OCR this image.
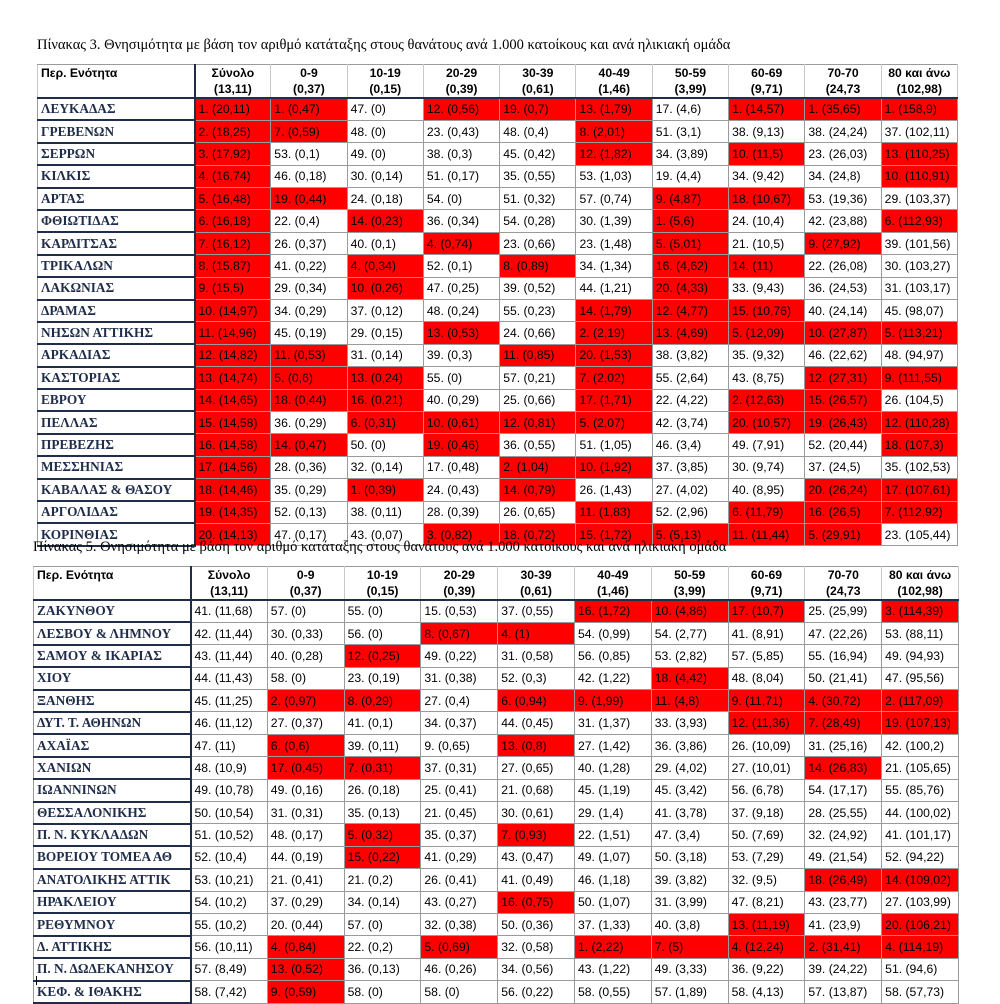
Πίνακας 3. Θνησιμότητα με βάση τον αριθμό κατάταξης στους θανάτους ανά 1.000 κατοίκους και ανά ηλικιακή ομάδα
Περ. Ενότητα	Σύνολο	0-9	10-19	20-29	30-39	40-49	50-59	60-69	70-70	80 και άνω
	(13,11)	(0,37)	(0,15)	(0,39)	(0,61)	(1,46)	(3,99)	(9,71)	(24,73	(102,98)
ΛΕΥΚΑΔΑΣ	1. (20,11)	1. (0,47)	47. (0)	12. (0,56)	19. (0,7)	13. (1,79)	17. (4,6)	1. (14,57)	1. (35,65)	1. (158,9)
ΓΡΕΒΕΝΩΝ	2. (18,25)	7. (0,59)	48. (0)	23. (0,43)	48. (0,4)	8. (2,01)	51. (3,1)	38. (9,13)	38. (24,24)	37. (102,11)
ΣΕΡΡΩΝ	3. (17,92)	53. (0,1)	49. (0)	38. (0,3)	45. (0,42)	12. (1,82)	34. (3,89)	10. (11,5)	23. (26,03)	13. (110,25)
ΚΙΛΚΙΣ	4. (16,74)	46. (0,18)	30. (0,14)	51. (0,17)	35. (0,55)	53. (1,03)	19. (4,4)	34. (9,42)	34. (24,8)	10. (110,91)
ΑΡΤΑΣ	5. (16,48)	19. (0,44)	24. (0,18)	54. (0)	51. (0,32)	57. (0,74)	9. (4,87)	18. (10,67)	53. (19,36)	29. (103,37)
ΦΘΙΩΤΙΔΑΣ	6. (16,18)	22. (0,4)	14. (0,23)	36. (0,34)	54. (0,28)	30. (1,39)	1. (5,6)	24. (10,4)	42. (23,88)	6. (112,93)
ΚΑΡΔΙΤΣΑΣ	7. (16,12)	26. (0,37)	40. (0,1)	4. (0,74)	23. (0,66)	23. (1,48)	5. (5,01)	21. (10,5)	9. (27,92)	39. (101,56)
ΤΡΙΚΑΛΩΝ	8. (15,87)	41. (0,22)	4. (0,34)	52. (0,1)	8. (0,89)	34. (1,34)	16. (4,62)	14. (11)	22. (26,08)	30. (103,27)
ΛΑΚΩΝΙΑΣ	9. (15,5)	29. (0,34)	10. (0,26)	47. (0,25)	39. (0,52)	44. (1,21)	20. (4,33)	33. (9,43)	36. (24,53)	31. (103,17)
ΔΡΑΜΑΣ	10. (14,97)	34. (0,29)	37. (0,12)	48. (0,24)	55. (0,23)	14. (1,79)	12. (4,77)	15. (10,76)	40. (24,14)	45. (98,07)
ΝΗΣΩΝ ΑΤΤΙΚΗΣ	11. (14,96)	45. (0,19)	29. (0,15)	13. (0,53)	24. (0,66)	2. (2,19)	13. (4,69)	5. (12,09)	10. (27,87)	5. (113,21)
ΑΡΚΑΔΙΑΣ	12. (14,82)	11. (0,53)	31. (0,14)	39. (0,3)	11. (0,85)	20. (1,53)	38. (3,82)	35. (9,32)	46. (22,62)	48. (94,97)
ΚΑΣΤΟΡΙΑΣ	13. (14,74)	5. (0,6)	13. (0,24)	55. (0)	57. (0,21)	7. (2,02)	55. (2,64)	43. (8,75)	12. (27,31)	9. (111,55)
ΕΒΡΟΥ	14. (14,65)	18. (0,44)	16. (0,21)	40. (0,29)	25. (0,66)	17. (1,71)	22. (4,22)	2. (12,63)	15. (26,57)	26. (104,5)
ΠΕΛΛΑΣ	15. (14,58)	36. (0,29)	6. (0,31)	10. (0,61)	12. (0,81)	5. (2,07)	42. (3,74)	20. (10,57)	19. (26,43)	12. (110,28)
ΠΡΕΒΕΖΗΣ	16. (14,58)	14. (0,47)	50. (0)	19. (0,46)	36. (0,55)	51. (1,05)	46. (3,4)	49. (7,91)	52. (20,44)	18. (107,3)
ΜΕΣΣΗΝΙΑΣ	17. (14,56)	28. (0,36)	32. (0,14)	17. (0,48)	2. (1,04)	10. (1,92)	37. (3,85)	30. (9,74)	37. (24,5)	35. (102,53)
ΚΑΒΑΛΑΣ & ΘΑΣΟΥ	18. (14,46)	35. (0,29)	1. (0,39)	24. (0,43)	14. (0,79)	26. (1,43)	27. (4,02)	40. (8,95)	20. (26,24)	17. (107,61)
ΑΡΓΟΛΙΔΑΣ	19. (14,35)	52. (0,13)	38. (0,11)	28. (0,39)	26. (0,65)	11. (1,83)	52. (2,96)	6. (11,79)	16. (26,5)	7. (112,92)
ΚΟΡΙΝΘΙΑΣ	20. (14,13)	47. (0,17)	43. (0,07)	3. (0,82)	18. (0,72)	15. (1,72)	5. (5,13)	11. (11,44)	5. (29,91)	23. (105,44)
Πίνακας 5. Θνησιμότητα με βάση τον αριθμό κατάταξης στους θανάτους ανά 1.000 κατοίκους και ανά ηλικιακή ομάδα
Περ. Ενότητα	Σύνολο	0-9	10-19	20-29	30-39	40-49	50-59	60-69	70-70	80 και άνω
	(13,11)	(0,37)	(0,15)	(0,39)	(0,61)	(1,46)	(3,99)	(9,71)	(24,73	(102,98)
ΖΑΚΥΝΘΟΥ	41. (11,68)	57. (0)	55. (0)	15. (0,53)	37. (0,55)	16. (1,72)	10. (4,86)	17. (10,7)	25. (25,99)	3. (114,39)
ΛΕΣΒΟΥ & ΛΗΜΝΟΥ	42. (11,44)	30. (0,33)	56. (0)	8. (0,67)	4. (1)	54. (0,99)	54. (2,77)	41. (8,91)	47. (22,26)	53. (88,11)
ΣΑΜΟΥ & ΙΚΑΡΙΑΣ	43. (11,44)	40. (0,28)	12. (0,25)	49. (0,22)	31. (0,58)	56. (0,85)	53. (2,82)	57. (5,85)	55. (16,94)	49. (94,93)
ΧΙΟΥ	44. (11,43)	58. (0)	23. (0,19)	31. (0,38)	52. (0,3)	42. (1,22)	18. (4,42)	48. (8,04)	50. (21,41)	47. (95,56)
ΞΑΝΘΗΣ	45. (11,25)	2. (0,97)	8. (0,29)	27. (0,4)	6. (0,94)	9. (1,99)	11. (4,8)	9. (11,71)	4. (30,72)	2. (117,09)
ΔΥΤ. Τ. ΑΘΗΝΩΝ	46. (11,12)	27. (0,37)	41. (0,1)	34. (0,37)	44. (0,45)	31. (1,37)	33. (3,93)	12. (11,36)	7. (28,49)	19. (107,13)
ΑΧΑΪΑΣ	47. (11)	6. (0,6)	39. (0,11)	9. (0,65)	13. (0,8)	27. (1,42)	36. (3,86)	26. (10,09)	31. (25,16)	42. (100,2)
ΧΑΝΙΩΝ	48. (10,9)	17. (0,45)	7. (0,31)	37. (0,31)	27. (0,65)	40. (1,28)	29. (4,02)	27. (10,01)	14. (26,83)	21. (105,65)
ΙΩΑΝΝΙΝΩΝ	49. (10,78)	49. (0,16)	26. (0,18)	25. (0,41)	21. (0,68)	45. (1,19)	45. (3,42)	56. (6,78)	54. (17,17)	55. (85,76)
ΘΕΣΣΑΛΟΝΙΚΗΣ	50. (10,54)	31. (0,31)	35. (0,13)	21. (0,45)	30. (0,61)	29. (1,4)	41. (3,78)	37. (9,18)	28. (25,55)	44. (100,02)
Π. Ν. ΚΥΚΛΑΔΩΝ	51. (10,52)	48. (0,17)	5. (0,32)	35. (0,37)	7. (0,93)	22. (1,51)	47. (3,4)	50. (7,69)	32. (24,92)	41. (101,17)
ΒΟΡΕΙΟΥ ΤΟΜΕΑ ΑΘ	52. (10,4)	44. (0,19)	15. (0,22)	41. (0,29)	43. (0,47)	49. (1,07)	50. (3,18)	53. (7,29)	49. (21,54)	52. (94,22)
ΑΝΑΤΟΛΙΚΗΣ ΑΤΤΙΚ	53. (10,21)	21. (0,41)	21. (0,2)	26. (0,41)	41. (0,49)	46. (1,18)	39. (3,82)	32. (9,5)	18. (26,49)	14. (109,02)
ΗΡΑΚΛΕΙΟΥ	54. (10,2)	37. (0,29)	34. (0,14)	43. (0,27)	16. (0,75)	50. (1,07)	31. (3,99)	47. (8,21)	43. (23,77)	27. (103,99)
ΡΕΘΥΜΝΟΥ	55. (10,2)	20. (0,44)	57. (0)	32. (0,38)	50. (0,36)	37. (1,33)	40. (3,8)	13. (11,19)	41. (23,9)	20. (106,21)
Δ. ΑΤΤΙΚΗΣ	56. (10,11)	4. (0,84)	22. (0,2)	5. (0,69)	32. (0,58)	1. (2,22)	7. (5)	4. (12,24)	2. (31,41)	4. (114,19)
Π. Ν. ΔΩΔΕΚΑΝΗΣΟΥ	57. (8,49)	13. (0,52)	36. (0,13)	46. (0,26)	34. (0,56)	43. (1,22)	49. (3,33)	36. (9,22)	39. (24,22)	51. (94,6)
ΚΕΦ. & ΙΘΑΚΗΣ	58. (7,42)	9. (0,59)	58. (0)	58. (0)	56. (0,22)	58. (0,55)	57. (1,89)	58. (4,13)	57. (13,87)	58. (57,73)
